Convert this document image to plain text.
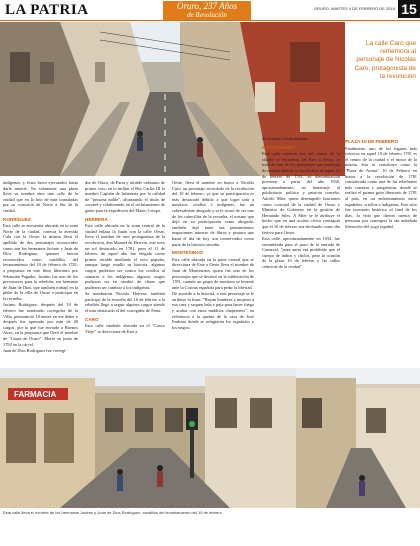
LA PATRIA	Oruro, 237 Años
de Revolución
ORURO, MARTES 4 DE FEBRERO DE 2018 15
La calle Caro que rememora al personaje de Nicolás Caro, protagonista de la revolución

indígenas, y éstos fuera ejecutados hasta darle muerte. No solamente una plaza lleva su nombre sino una calle de la ciudad que en la foto de más transitadas por su conexión de Norte a Sur de la ciudad.

RODRÍGUEZ

Esta calle se encuentra ubicada en la zona Norte de la ciudad, conecta la avenida Cala con la Oeste, la misma lleva el apellido de dos personajes reconocidos como son los hermanos Jacinto y Juan de Dios Rodríguez, quienes fueron reconocidos como caudillos del levantamiento del 10 de febrero de 1781, a propuesta en este libro libertario por Sebastián Pagador. Jacinto fue uno de los precursores para la rebelión, era hermano de Juan de Dios, que también trabajó en la plebe de la villa de Oruro a participar en la revuelta.

Jacinto Rodríguez, después del 10 de febrero fue nombrado corregidor de la Villa, permaneció 18 meses en ese deber y después fue apresado por más de 20 cargos, por lo que fue enviado a Buenos Aires, en la propuesta que llevó el nombre de "Causa de Oruro". Murió en junio de 1792 en la cárcel.

Juan de Dios Rodríguez fue corregi-

dor de Oruro, de Paria y alcalde ordinario de primer voto, en lo militar el Rey Carlos III lo nombró Capitán de Infantería por la calidad de "persona noble", alcanzando el título de coronel y colaborando en el reclutamiento de gente para la expedición del Mateo Crespo.

HERRERA

Esta calle ubicada en la zona central de la ciudad enlaza la Junín con la calle Oeste, lleva el nombre de otro protagonista de la revolución, don Manuel de Herrera, este tuvo un rol destacado en 1781, pues el 11 de febrero de aquel año fue elegido como primer alcalde mediante el voto popular, aunque luego estalló su historia, algunos cargos pudieron ser contra los criollos al sumarse a los indígenas; algunos cargos pudieron ser en cambio de clases que pudieron ser cambiar a los indígenas.

Se nombraron Nicolás Herrera, también participó de la revuelta del 10 de febrero a la rebelión llegó a seguir algunos cargos siendo el más destacado el del corregidor de Paria.

CARO

Esta calle también ubicada en el "Casco Viejo" se direcciona de Este a

Oeste, lleva el nombre en honor a Nicolás Caro, un personaje recordado de la revolución del 10 de febrero, ya que su participación es más destacado debido a que logró unir a mestizos, criollos e indígenas, fue un sobresaliente abogado y se le acusó de ser uno de los cabecillas de la revuelta, el mismo que dejó en su participación como abogado, también dejó entre sus pensamientos importantes número de libros y pintura que hasta el día de hoy son conservados como parte de la historia orureña.

MONTESINOS

Esta calle ubicada en la parte central que se direcciona de Este a Oeste lleva el nombre de Juan de Montesinos, quien fue uno de los personajes que se destacó en la sublevación de 1781, cuando un grupo de mestizos se levantó ante la Corona española para pedir la libertad.

De acuerdo a la historia, a este personaje se le atribuye la frase: "Hoyan hombres y mujeres a esa casa y saquen leña y paja para hacer fuego y acabar con estos malditos chapetones", en referencia a la quema de la casa de José Endeiza donde se refugiaron los españoles y los negros

de la turba criolla mestiza.

ADOLFO MIER

Esta calle conecta dos del centro de la ciudad se encuentra del Este a Oeste, se trata de uno de los personajes que participó de manera directa en los hechos de aquel 10 de febrero de 1781, su denominación proviene a partir del año 1930, aproximadamente, en homenaje al publicitario político y patriota orureño, Adolfo Mier, quien desempeñó funciones como concejal de la ciudad de Oruro y Ministro de Gobierno en la gestión de Hernando Siles. A Mier se le atribuye el hecho que en una acción cívica consiguió que el 10 de febrero sea declarado como día festivo para Oruro.

Esta calle, aproximadamente en 1932, fue renombrada para el paso de la entrada de Carnaval, "pues antes era prohibido que el cuerpo de indios y cholos, pese la ocasión de la plaza 10 de febrero y las calles céntricas de la ciudad".

PLAZA 10 DE FEBRERO

Finalmente, uno de los lugares más icónicos en aquel 10 de febrero 1781 es el centro de la ciudad y el motor de la misma, ésta se constituye como la "Plaza de Armas" 10 de Febrero en honor a la revolución de 1781 considerada como una de las rebeliones más cruentas y sangrientas, donde se realizó el primer grito libertario de 1781 al país, en un enfrentamiento entre españoles, criollos e indígenas. Este sitio fue escenario histórico al final de los días, la vida que dieron cuenta de personas por conseguir la tan anhelada liberación del yugo español.

FARMACIA
Esta calle lleva el nombre de los hermanos Jacinto y Juan de Dios Rodríguez, caudillos del levantamiento del 10 de febrero
